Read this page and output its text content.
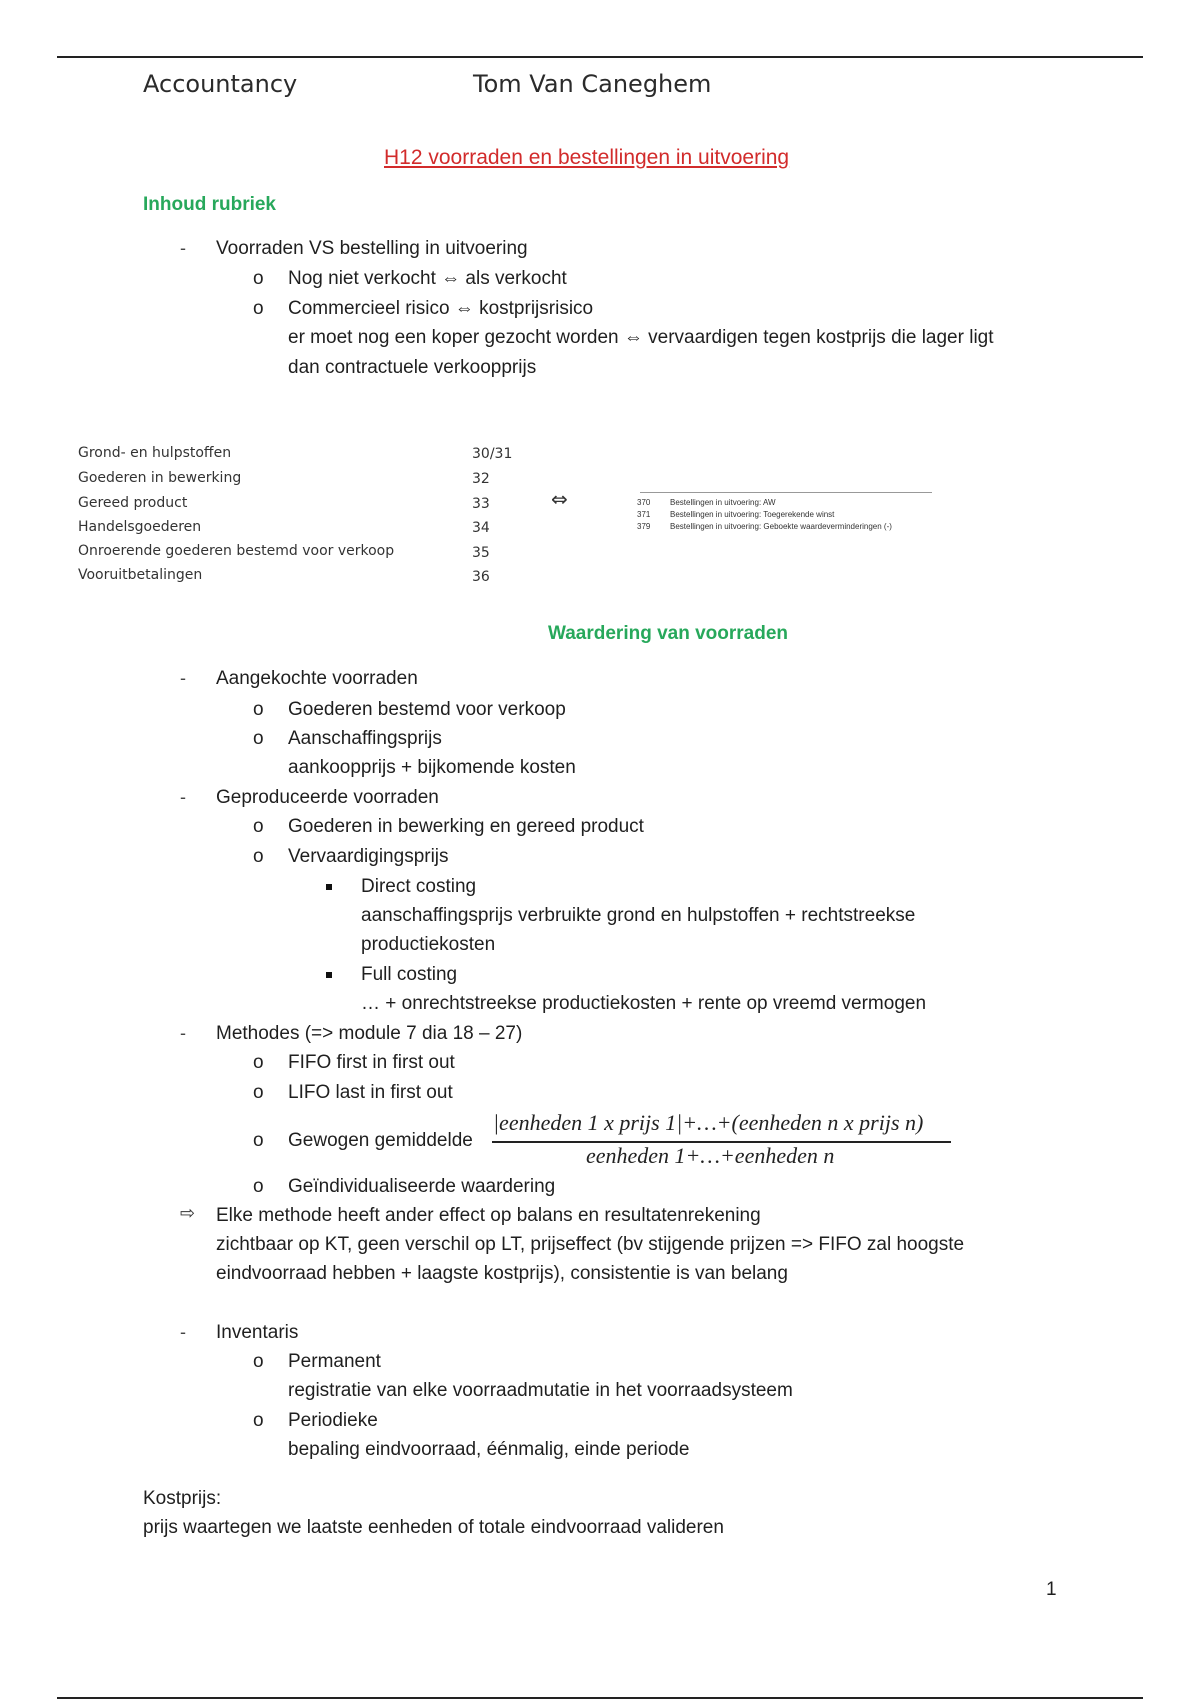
Accountancy	Tom Van Caneghem
H12 voorraden en bestellingen in uitvoering
Inhoud rubriek
- Voorraden VS bestelling in uitvoering
o Nog niet verkocht ⇔ als verkocht
o Commercieel risico ⇔ kostprijsrisico
er moet nog een koper gezocht worden ⇔ vervaardigen tegen kostprijs die lager ligt
dan contractuele verkoopprijs
Grond- en hulpstoffen	30/31
Goederen in bewerking	32
Gereed product	33
Handelsgoederen	34
Onroerende goederen bestemd voor verkoop	35
Vooruitbetalingen	36
⇔	370 Bestellingen in uitvoering: AW
371 Bestellingen in uitvoering: Toegerekende winst
379 Bestellingen in uitvoering: Geboekte waardeverminderingen (-)
Waardering van voorraden
- Aangekochte voorraden
o Goederen bestemd voor verkoop
o Aanschaffingsprijs
aankoopprijs + bijkomende kosten
- Geproduceerde voorraden
o Goederen in bewerking en gereed product
o Vervaardigingsprijs
Direct costing
aanschaffingsprijs verbruikte grond en hulpstoffen + rechtstreekse
productiekosten
Full costing
… + onrechtstreekse productiekosten + rente op vreemd vermogen
- Methodes (=> module 7 dia 18 – 27)
o FIFO first in first out
o LIFO last in first out
o Gewogen gemiddelde
|eenheden 1 x prijs 1|+…+(eenheden n x prijs n)
eenheden 1+…+eenheden n
o Geïndividualiseerde waardering
⇨ Elke methode heeft ander effect op balans en resultatenrekening
zichtbaar op KT, geen verschil op LT, prijseffect (bv stijgende prijzen => FIFO zal hoogste
eindvoorraad hebben + laagste kostprijs), consistentie is van belang
- Inventaris
o Permanent
registratie van elke voorraadmutatie in het voorraadsysteem
o Periodieke
bepaling eindvoorraad, éénmalig, einde periode
Kostprijs:
prijs waartegen we laatste eenheden of totale eindvoorraad valideren
1
